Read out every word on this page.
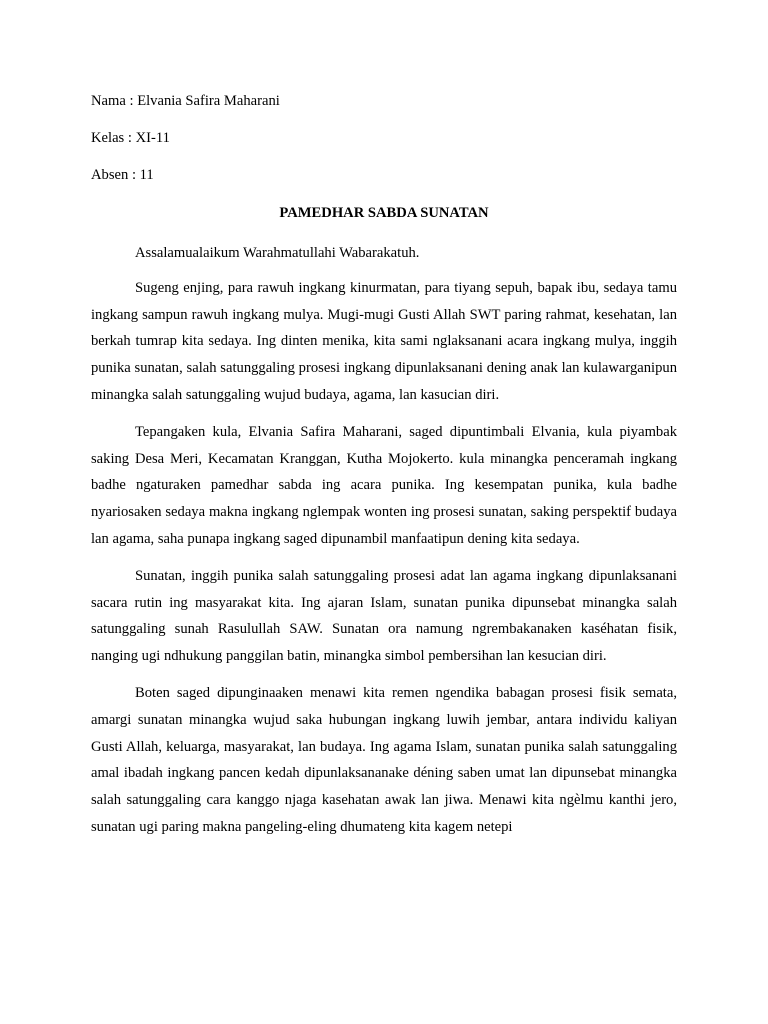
Nama : Elvania Safira Maharani

Kelas : XI-11

Absen : 11

PAMEDHAR SABDA SUNATAN

Assalamualaikum Warahmatullahi Wabarakatuh.

Sugeng enjing, para rawuh ingkang kinurmatan, para tiyang sepuh, bapak ibu, sedaya tamu ingkang sampun rawuh ingkang mulya. Mugi-mugi Gusti Allah SWT paring rahmat, kesehatan, lan berkah tumrap kita sedaya. Ing dinten menika, kita sami nglaksanani acara ingkang mulya, inggih punika sunatan, salah satunggaling prosesi ingkang dipunlaksanani dening anak lan kulawarganipun minangka salah satunggaling wujud budaya, agama, lan kasucian diri.

Tepangaken kula, Elvania Safira Maharani, saged dipuntimbali Elvania, kula piyambak saking Desa Meri, Kecamatan Kranggan, Kutha Mojokerto. kula minangka penceramah ingkang badhe ngaturaken pamedhar sabda ing acara punika. Ing kesempatan punika, kula badhe nyariosaken sedaya makna ingkang nglempak wonten ing prosesi sunatan, saking perspektif budaya lan agama, saha punapa ingkang saged dipunambil manfaatipun dening kita sedaya.

Sunatan, inggih punika salah satunggaling prosesi adat lan agama ingkang dipunlaksanani sacara rutin ing masyarakat kita. Ing ajaran Islam, sunatan punika dipunsebat minangka salah satunggaling sunah Rasulullah SAW. Sunatan ora namung ngrembakanaken kaséhatan fisik, nanging ugi ndhukung panggilan batin, minangka simbol pembersihan lan kesucian diri.

Boten saged dipunginaaken menawi kita remen ngendika babagan prosesi fisik semata, amargi sunatan minangka wujud saka hubungan ingkang luwih jembar, antara individu kaliyan Gusti Allah, keluarga, masyarakat, lan budaya. Ing agama Islam, sunatan punika salah satunggaling amal ibadah ingkang pancen kedah dipunlaksananake déning saben umat lan dipunsebat minangka salah satunggaling cara kanggo njaga kasehatan awak lan jiwa. Menawi kita ngèlmu kanthi jero, sunatan ugi paring makna pangeling-eling dhumateng kita kagem netepi
